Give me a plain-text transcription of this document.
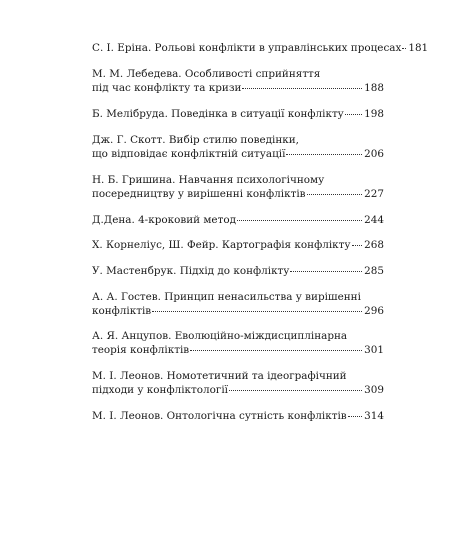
С. І. Еріна. Рольові конфлікти в управлінських процесах 181
М. М. Лебедева. Особливості сприйняття
під час конфлікту та кризи	188
Б. Мелібруда. Поведінка в ситуації конфлікту 198
Дж. Г. Скотт. Вибір стилю поведінки,
що відповідає конфліктній ситуації	206
Н. Б. Гришина. Навчання психологічному
посередництву у вирішенні конфліктів	227
Д.Дена. 4-кроковий метод	244
Х. Корнеліус, Ш. Фейр. Картографія конфлікту 268
У. Мастенбрук. Підхід до конфлікту	285
А. А. Гостев. Принцип ненасильства у вирішенні
конфліктів	296
А. Я. Анцупов. Еволюційно-міждисциплінарна
теорія конфліктів	301
М. І. Леонов. Номотетичний та ідеографічний
підходи у конфліктології	309
М. І. Леонов. Онтологічна сутність конфліктів 314
